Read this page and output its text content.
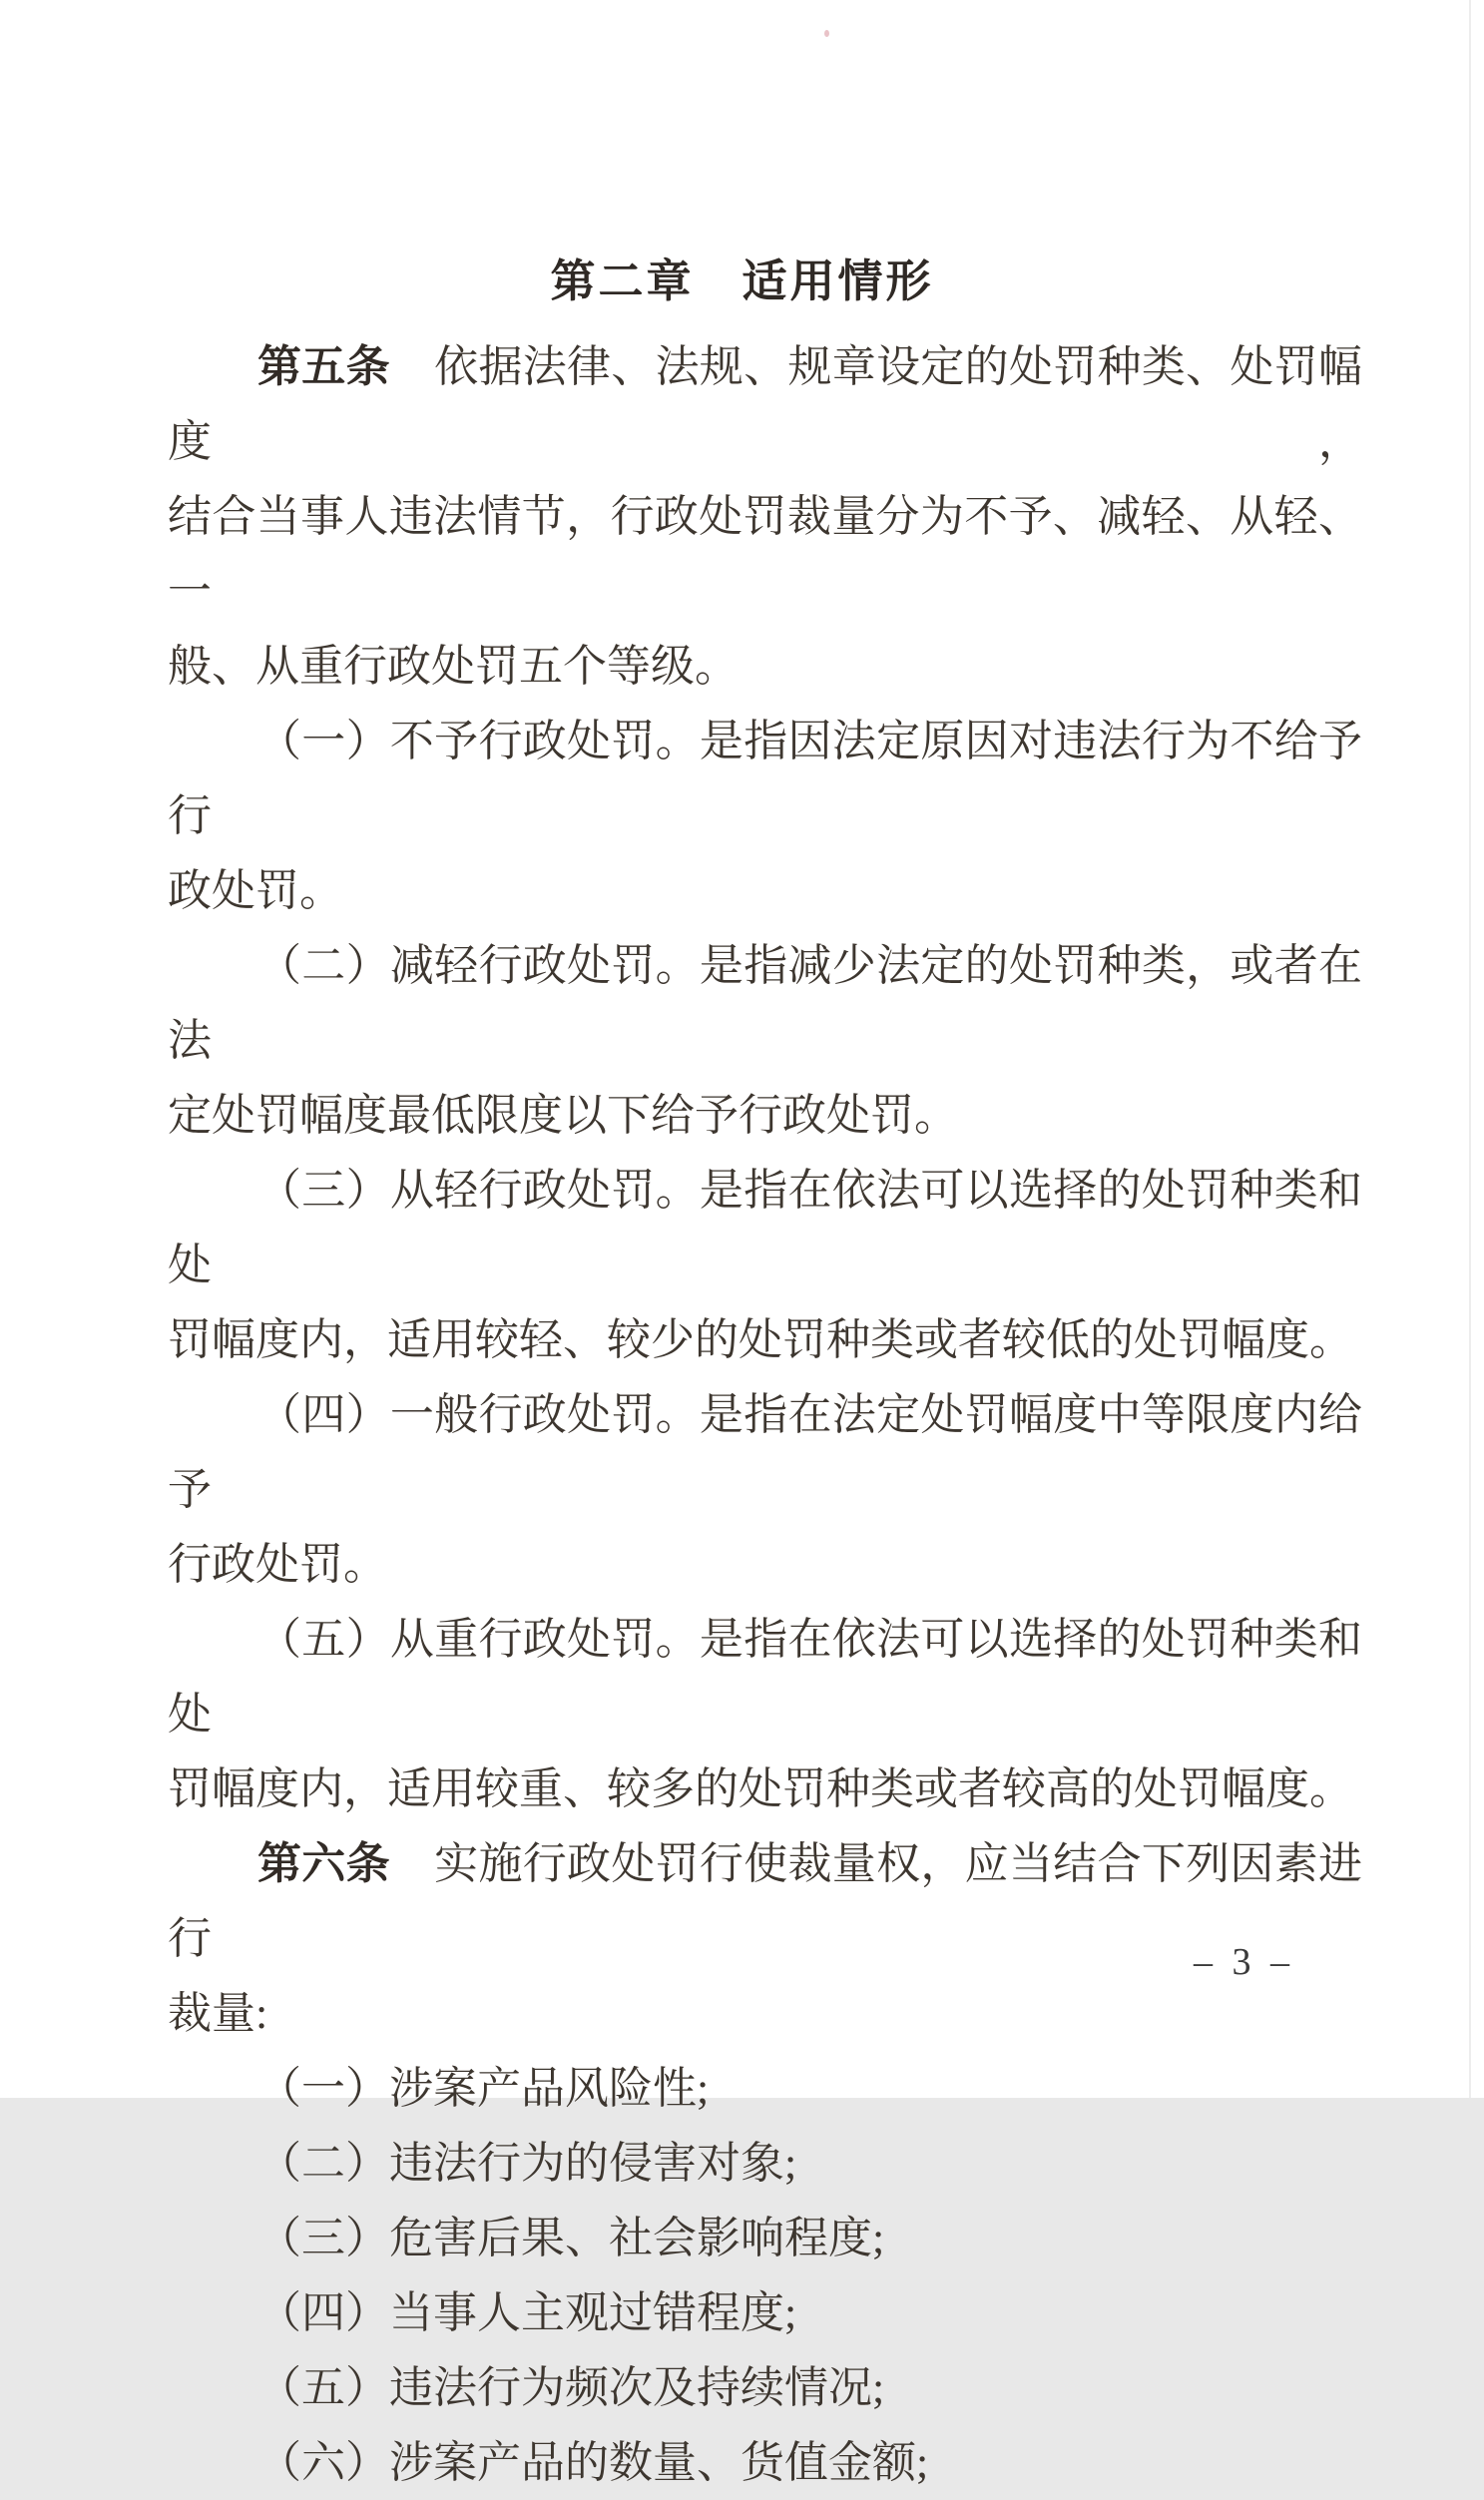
第二章　适用情形
第五条　依据法律、法规、规章设定的处罚种类、处罚幅度，
结合当事人违法情节，行政处罚裁量分为不予、减轻、从轻、一
般、从重行政处罚五个等级。
（一）不予行政处罚。是指因法定原因对违法行为不给予行
政处罚。
（二）减轻行政处罚。是指减少法定的处罚种类，或者在法
定处罚幅度最低限度以下给予行政处罚。
（三）从轻行政处罚。是指在依法可以选择的处罚种类和处
罚幅度内，适用较轻、较少的处罚种类或者较低的处罚幅度。
（四）一般行政处罚。是指在法定处罚幅度中等限度内给予
行政处罚。
（五）从重行政处罚。是指在依法可以选择的处罚种类和处
罚幅度内，适用较重、较多的处罚种类或者较高的处罚幅度。
第六条　实施行政处罚行使裁量权，应当结合下列因素进行
裁量:
（一）涉案产品风险性;
（二）违法行为的侵害对象;
（三）危害后果、社会影响程度;
（四）当事人主观过错程度;
（五）违法行为频次及持续情况;
（六）涉案产品的数量、货值金额;
– 3 –
